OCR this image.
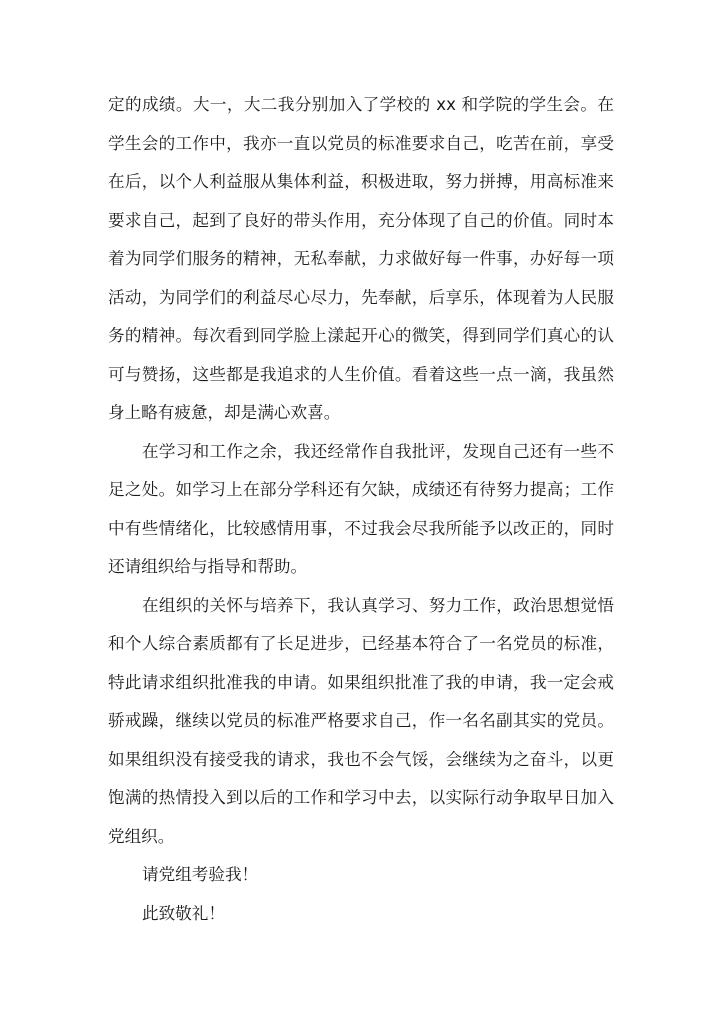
定的成绩。大一，大二我分别加入了学校的 xx 和学院的学生会。在
学生会的工作中，我亦一直以党员的标准要求自己，吃苦在前，享受
在后，以个人利益服从集体利益，积极进取，努力拼搏，用高标准来
要求自己，起到了良好的带头作用，充分体现了自己的价值。同时本
着为同学们服务的精神，无私奉献，力求做好每一件事，办好每一项
活动，为同学们的利益尽心尽力，先奉献，后享乐，体现着为人民服
务的精神。每次看到同学脸上漾起开心的微笑，得到同学们真心的认
可与赞扬，这些都是我追求的人生价值。看着这些一点一滴，我虽然
身上略有疲惫，却是满心欢喜。
在学习和工作之余，我还经常作自我批评，发现自己还有一些不
足之处。如学习上在部分学科还有欠缺，成绩还有待努力提高；工作
中有些情绪化，比较感情用事，不过我会尽我所能予以改正的，同时
还请组织给与指导和帮助。
在组织的关怀与培养下，我认真学习、努力工作，政治思想觉悟
和个人综合素质都有了长足进步，已经基本符合了一名党员的标准，
特此请求组织批准我的申请。如果组织批准了我的申请，我一定会戒
骄戒躁，继续以党员的标准严格要求自己，作一名名副其实的党员。
如果组织没有接受我的请求，我也不会气馁，会继续为之奋斗，以更
饱满的热情投入到以后的工作和学习中去，以实际行动争取早日加入
党组织。
请党组考验我！
此致敬礼！
